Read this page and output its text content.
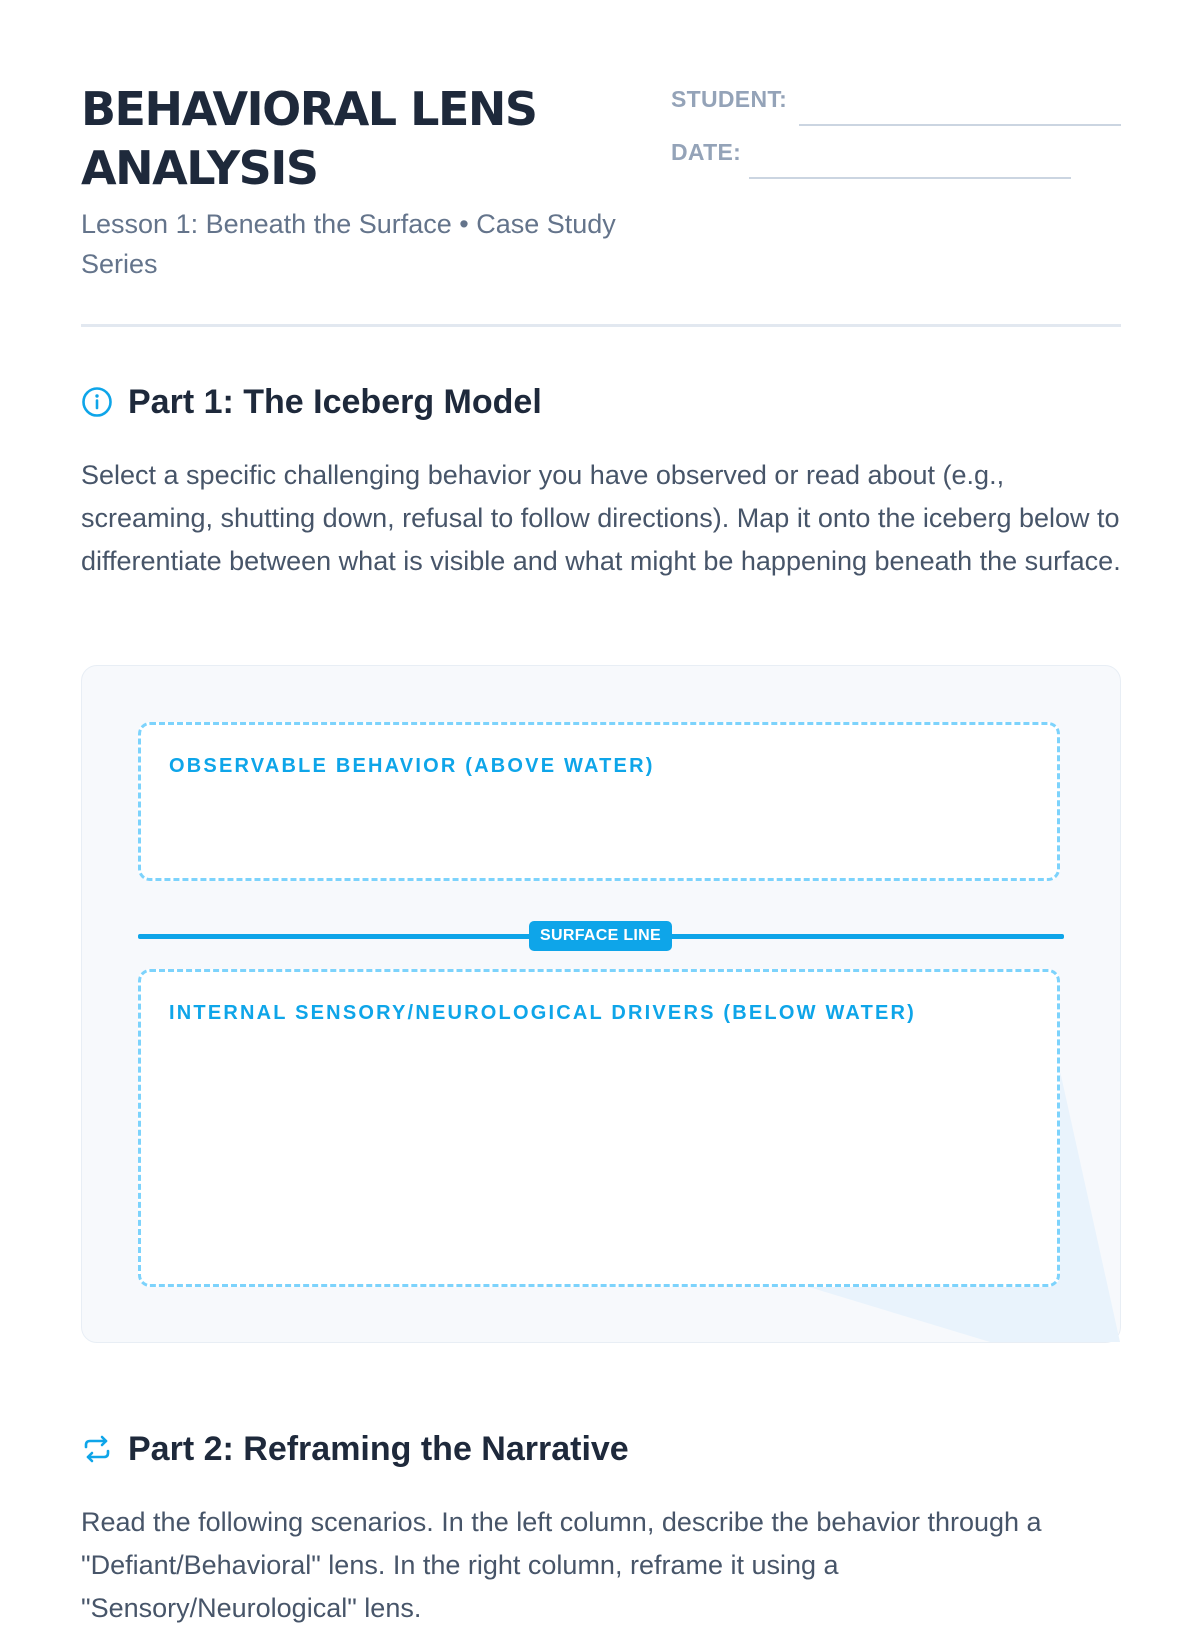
BEHAVIORAL LENS ANALYSIS
Lesson 1: Beneath the Surface • Case Study Series
STUDENT:
DATE:
Part 1: The Iceberg Model

Select a specific challenging behavior you have observed or read about (e.g., screaming, shutting down, refusal to follow directions). Map it onto the iceberg below to differentiate between what is visible and what might be happening beneath the surface.

OBSERVABLE BEHAVIOR (ABOVE WATER)
SURFACE LINE
INTERNAL SENSORY/NEUROLOGICAL DRIVERS (BELOW WATER)
Part 2: Reframing the Narrative

Read the following scenarios. In the left column, describe the behavior through a "Defiant/Behavioral" lens. In the right column, reframe it using a "Sensory/Neurological" lens.
